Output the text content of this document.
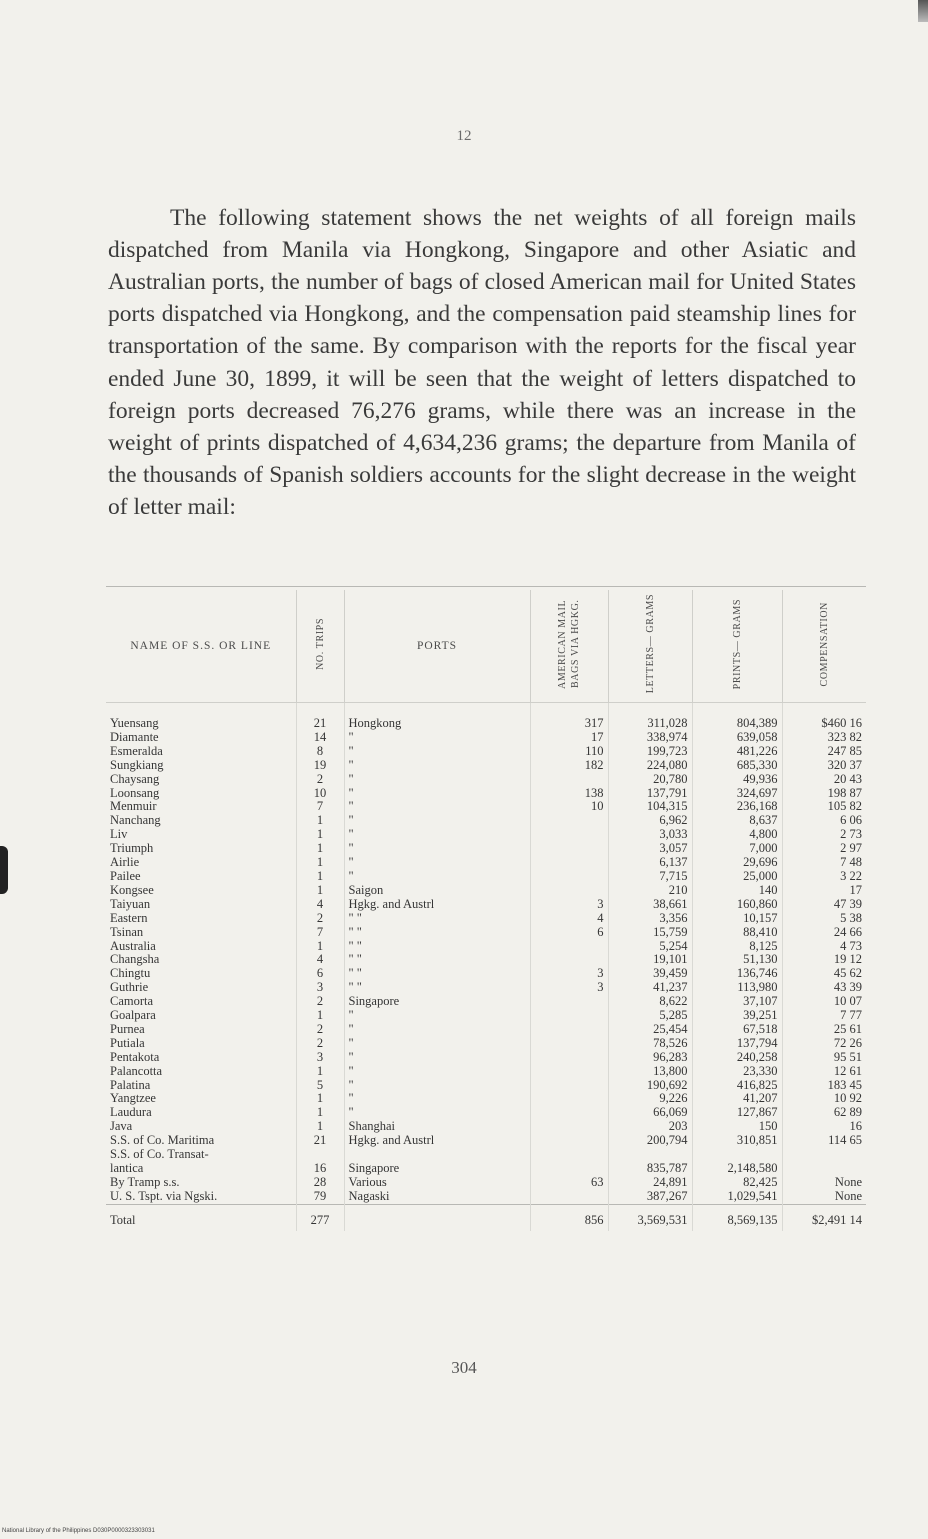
12

The following statement shows the net weights of all foreign mails dispatched from Manila via Hongkong, Singapore and other Asiatic and Australian ports, the number of bags of closed American mail for United States ports dispatched via Hongkong, and the compensation paid steamship lines for transportation of the same. By comparison with the reports for the fiscal year ended June 30, 1899, it will be seen that the weight of letters dispatched to foreign ports decreased 76,276 grams, while there was an increase in the weight of prints dispatched of 4,634,236 grams; the departure from Manila of the thousands of Spanish soldiers accounts for the slight decrease in the weight of letter mail:

NAME OF S.S. OR LINE	NO. TRIPS	PORTS	AMERICAN MAIL BAGS VIA HGKG.	LETTERS— GRAMS	PRINTS— GRAMS	COMPENSATION
Yuensang	21	Hongkong	317	311,028	804,389	$460 16
Diamante	14	"	17	338,974	639,058	323 82
Esmeralda	8	"	110	199,723	481,226	247 85
Sungkiang	19	"	182	224,080	685,330	320 37
Chaysang	2	"		20,780	49,936	20 43
Loonsang	10	"	138	137,791	324,697	198 87
Menmuir	7	"	10	104,315	236,168	105 82
Nanchang	1	"		6,962	8,637	6 06
Liv	1	"		3,033	4,800	2 73
Triumph	1	"		3,057	7,000	2 97
Airlie	1	"		6,137	29,696	7 48
Pailee	1	"		7,715	25,000	3 22
Kongsee	1	Saigon		210	140	17
Taiyuan	4	Hgkg. and Austrl	3	38,661	160,860	47 39
Eastern	2	" "	4	3,356	10,157	5 38
Tsinan	7	" "	6	15,759	88,410	24 66
Australia	1	" "		5,254	8,125	4 73
Changsha	4	" "		19,101	51,130	19 12
Chingtu	6	" "	3	39,459	136,746	45 62
Guthrie	3	" "	3	41,237	113,980	43 39
Camorta	2	Singapore		8,622	37,107	10 07
Goalpara	1	"		5,285	39,251	7 77
Purnea	2	"		25,454	67,518	25 61
Putiala	2	"		78,526	137,794	72 26
Pentakota	3	"		96,283	240,258	95 51
Palancotta	1	"		13,800	23,330	12 61
Palatina	5	"		190,692	416,825	183 45
Yangtzee	1	"		9,226	41,207	10 92
Laudura	1	"		66,069	127,867	62 89
Java	1	Shanghai		203	150	16
S.S. of Co. Maritima	21	Hgkg. and Austrl		200,794	310,851	114 65
S.S. of Co. Transat-						
lantica	16	Singapore		835,787	2,148,580	
By Tramp s.s.	28	Various	63	24,891	82,425	None
U. S. Tspt. via Ngski.	79	Nagaski		387,267	1,029,541	None
Total	277		856	3,569,531	8,569,135	$2,491 14
304
National Library of the Philippines D030P0000323303031
